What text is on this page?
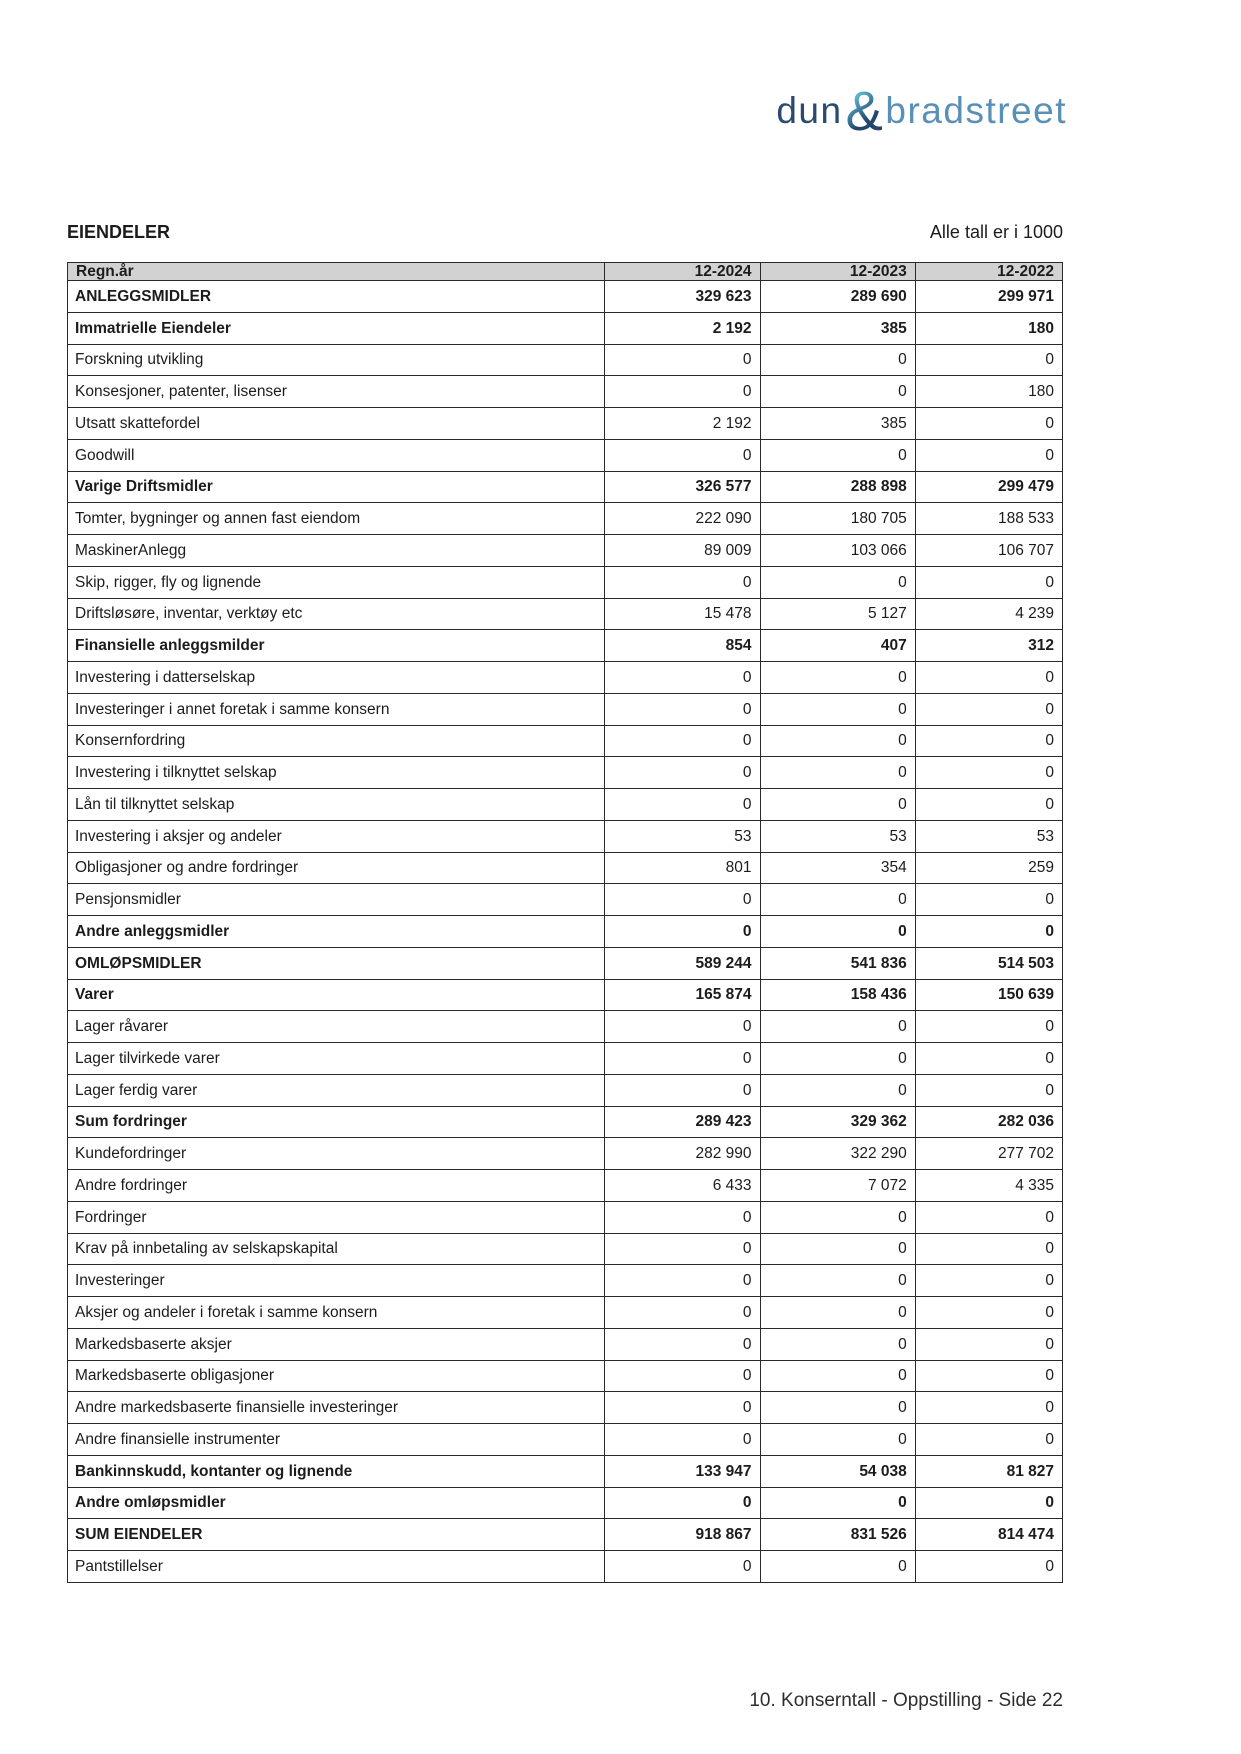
dun & bradstreet
EIENDELER	Alle tall er i 1000
Regn.år	12-2024	12-2023	12-2022
ANLEGGSMIDLER	329 623	289 690	299 971
Immatrielle Eiendeler	2 192	385	180
Forskning utvikling	0	0	0
Konsesjoner, patenter, lisenser	0	0	180
Utsatt skattefordel	2 192	385	0
Goodwill	0	0	0
Varige Driftsmidler	326 577	288 898	299 479
Tomter, bygninger og annen fast eiendom	222 090	180 705	188 533
MaskinerAnlegg	89 009	103 066	106 707
Skip, rigger, fly og lignende	0	0	0
Driftsløsøre, inventar, verktøy etc	15 478	5 127	4 239
Finansielle anleggsmilder	854	407	312
Investering i datterselskap	0	0	0
Investeringer i annet foretak i samme konsern	0	0	0
Konsernfordring	0	0	0
Investering i tilknyttet selskap	0	0	0
Lån til tilknyttet selskap	0	0	0
Investering i aksjer og andeler	53	53	53
Obligasjoner og andre fordringer	801	354	259
Pensjonsmidler	0	0	0
Andre anleggsmidler	0	0	0
OMLØPSMIDLER	589 244	541 836	514 503
Varer	165 874	158 436	150 639
Lager råvarer	0	0	0
Lager tilvirkede varer	0	0	0
Lager ferdig varer	0	0	0
Sum fordringer	289 423	329 362	282 036
Kundefordringer	282 990	322 290	277 702
Andre fordringer	6 433	7 072	4 335
Fordringer	0	0	0
Krav på innbetaling av selskapskapital	0	0	0
Investeringer	0	0	0
Aksjer og andeler i foretak i samme konsern	0	0	0
Markedsbaserte aksjer	0	0	0
Markedsbaserte obligasjoner	0	0	0
Andre markedsbaserte finansielle investeringer	0	0	0
Andre finansielle instrumenter	0	0	0
Bankinnskudd, kontanter og lignende	133 947	54 038	81 827
Andre omløpsmidler	0	0	0
SUM EIENDELER	918 867	831 526	814 474
Pantstillelser	0	0	0
10. Konserntall - Oppstilling - Side 22
